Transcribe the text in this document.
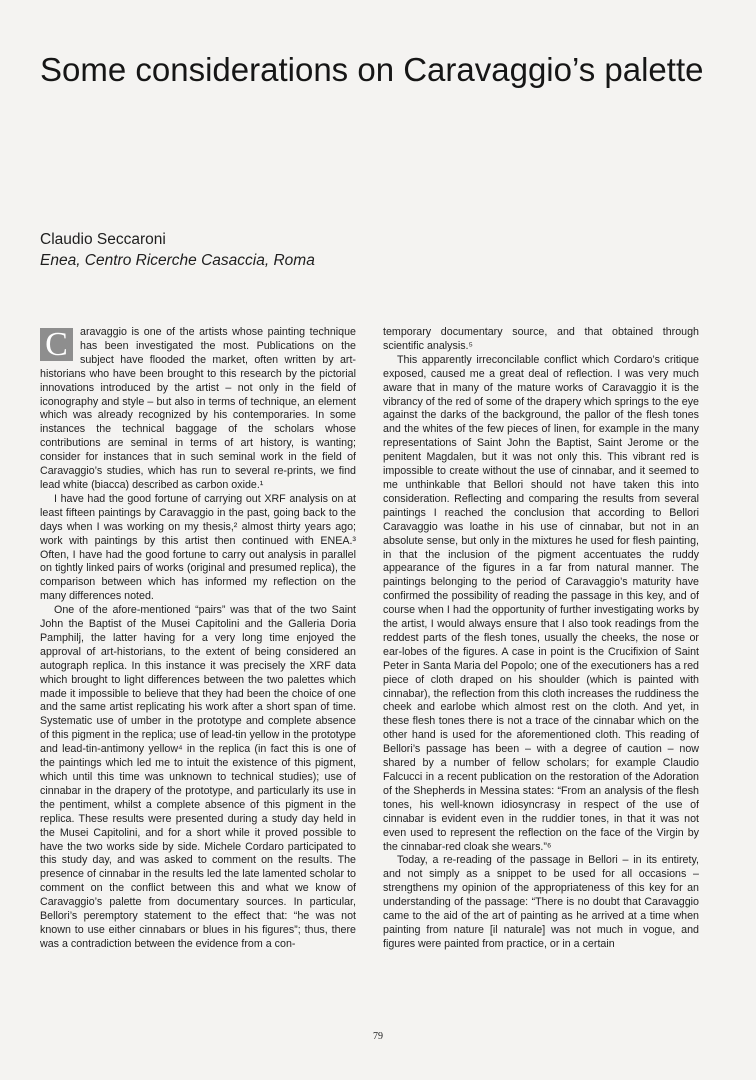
Some considerations on Caravaggio’s palette
Claudio Seccaroni
Enea, Centro Ricerche Casaccia, Roma

C	aravaggio is one of the artists whose painting technique has been investigated the most. Publications on the subject have flooded the market, often written by art-historians who have been brought to this research by the pictorial innovations introduced by the artist – not only in the field of iconography and style – but also in terms of technique, an element which was already recognized by his contemporaries. In some instances the technical baggage of the scholars whose contributions are seminal in terms of art history, is wanting; consider for instances that in such seminal work in the field of Caravaggio’s studies, which has run to several re-prints, we find lead white (biacca) described as carbon oxide.¹

I have had the good fortune of carrying out XRF analysis on at least fifteen paintings by Caravaggio in the past, going back to the days when I was working on my thesis,² almost thirty years ago; work with paintings by this artist then continued with ENEA.³ Often, I have had the good fortune to carry out analysis in parallel on tightly linked pairs of works (original and presumed replica), the comparison between which has informed my reflection on the many differences noted.

One of the afore-mentioned “pairs” was that of the two Saint John the Baptist of the Musei Capitolini and the Galleria Doria Pamphilj, the latter having for a very long time enjoyed the approval of art-historians, to the extent of being considered an autograph replica. In this instance it was precisely the XRF data which brought to light differences between the two palettes which made it impossible to believe that they had been the choice of one and the same artist replicating his work after a short span of time. Systematic use of umber in the prototype and complete absence of this pigment in the replica; use of lead-tin yellow in the prototype and lead-tin-antimony yellow⁴ in the replica (in fact this is one of the paintings which led me to intuit the existence of this pigment, which until this time was unknown to technical studies); use of cinnabar in the drapery of the prototype, and particularly its use in the pentiment, whilst a complete absence of this pigment in the replica. These results were presented during a study day held in the Musei Capitolini, and for a short while it proved possible to have the two works side by side. Michele Cordaro participated to this study day, and was asked to comment on the results. The presence of cinnabar in the results led the late lamented scholar to comment on the conflict between this and what we know of Caravaggio’s palette from documentary sources. In particular, Bellori’s peremptory statement to the effect that: “he was not known to use either cinnabars or blues in his figures”; thus, there was a contradiction between the evidence from a con-

temporary documentary source, and that obtained through scientific analysis.⁵

This apparently irreconcilable conflict which Cordaro’s critique exposed, caused me a great deal of reflection. I was very much aware that in many of the mature works of Caravaggio it is the vibrancy of the red of some of the drapery which springs to the eye against the darks of the background, the pallor of the flesh tones and the whites of the few pieces of linen, for example in the many representations of Saint John the Baptist, Saint Jerome or the penitent Magdalen, but it was not only this. This vibrant red is impossible to create without the use of cinnabar, and it seemed to me unthinkable that Bellori should not have taken this into consideration. Reflecting and comparing the results from several paintings I reached the conclusion that according to Bellori Caravaggio was loathe in his use of cinnabar, but not in an absolute sense, but only in the mixtures he used for flesh painting, in that the inclusion of the pigment accentuates the ruddy appearance of the figures in a far from natural manner. The paintings belonging to the period of Caravaggio’s maturity have confirmed the possibility of reading the passage in this key, and of course when I had the opportunity of further investigating works by the artist, I would always ensure that I also took readings from the reddest parts of the flesh tones, usually the cheeks, the nose or ear-lobes of the figures. A case in point is the Crucifixion of Saint Peter in Santa Maria del Popolo; one of the executioners has a red piece of cloth draped on his shoulder (which is painted with cinnabar), the reflection from this cloth increases the ruddiness the cheek and earlobe which almost rest on the cloth. And yet, in these flesh tones there is not a trace of the cinnabar which on the other hand is used for the aforementioned cloth. This reading of Bellori’s passage has been – with a degree of caution – now shared by a number of fellow scholars; for example Claudio Falcucci in a recent publication on the restoration of the Adoration of the Shepherds in Messina states: “From an analysis of the flesh tones, his well-known idiosyncrasy in respect of the use of cinnabar is evident even in the ruddier tones, in that it was not even used to represent the reflection on the face of the Virgin by the cinnabar-red cloak she wears.”⁶

Today, a re-reading of the passage in Bellori – in its entirety, and not simply as a snippet to be used for all occasions – strengthens my opinion of the appropriateness of this key for an understanding of the passage: “There is no doubt that Caravaggio came to the aid of the art of painting as he arrived at a time when painting from nature [il naturale] was not much in vogue, and figures were painted from practice, or in a certain

79
